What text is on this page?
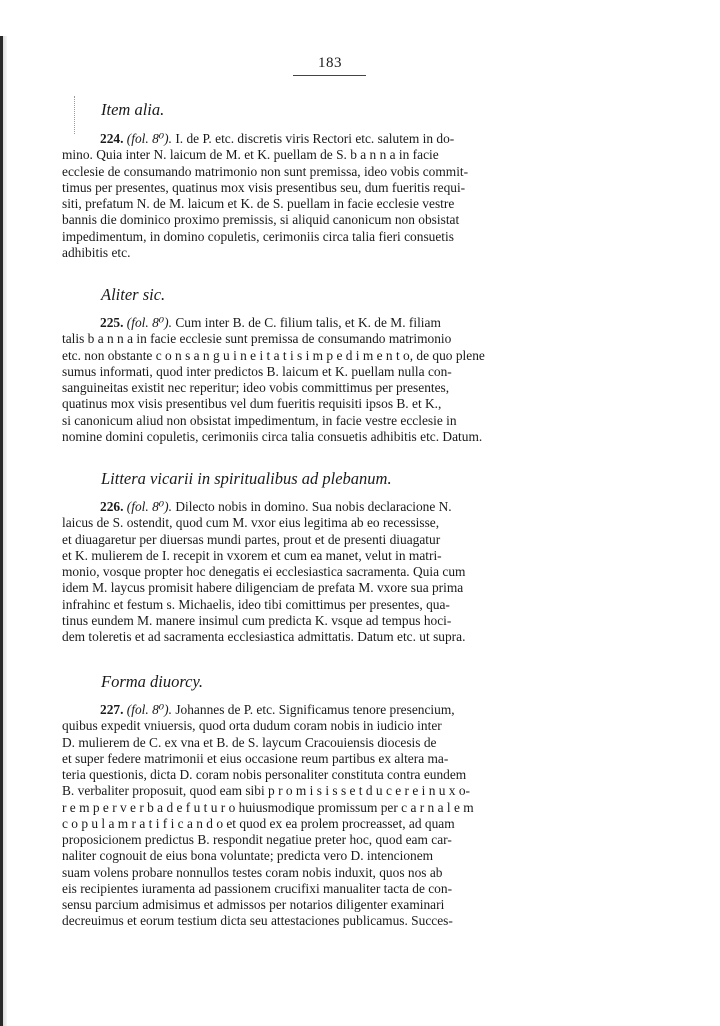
183
Item alia.
224. (fol. 8⁰). I. de P. etc. discretis viris Rectori etc. salutem in do-
mino. Quia inter N. laicum de M. et K. puellam de S. b a n n a in facie
ecclesie de consumando matrimonio non sunt premissa, ideo vobis commit-
timus per presentes, quatinus mox visis presentibus seu, dum fueritis requi-
siti, prefatum N. de M. laicum et K. de S. puellam in facie ecclesie vestre
bannis die dominico proximo premissis, si aliquid canonicum non obsistat
impedimentum, in domino copuletis, cerimoniis circa talia fieri consuetis
adhibitis etc.
Aliter sic.
225. (fol. 8⁰). Cum inter B. de C. filium talis, et K. de M. filiam
talis b a n n a in facie ecclesie sunt premissa de consumando matrimonio
etc. non obstante c o n s a n g u i n e i t a t i s i m p e d i m e n t o, de quo plene
sumus informati, quod inter predictos B. laicum et K. puellam nulla con-
sanguineitas existit nec reperitur; ideo vobis committimus per presentes,
quatinus mox visis presentibus vel dum fueritis requisiti ipsos B. et K.,
si canonicum aliud non obsistat impedimentum, in facie vestre ecclesie in
nomine domini copuletis, cerimoniis circa talia consuetis adhibitis etc. Datum.
Littera vicarii in spiritualibus ad plebanum.
226. (fol. 8⁰). Dilecto nobis in domino. Sua nobis declaracione N.
laicus de S. ostendit, quod cum M. vxor eius legitima ab eo recessisse,
et diuagaretur per diuersas mundi partes, prout et de presenti diuagatur
et K. mulierem de I. recepit in vxorem et cum ea manet, velut in matri-
monio, vosque propter hoc denegatis ei ecclesiastica sacramenta. Quia cum
idem M. laycus promisit habere diligenciam de prefata M. vxore sua prima
infrahinc et festum s. Michaelis, ideo tibi comittimus per presentes, qua-
tinus eundem M. manere insimul cum predicta K. vsque ad tempus hoci-
dem toleretis et ad sacramenta ecclesiastica admittatis. Datum etc. ut supra.
Forma diuorcy.
227. (fol. 8⁰). Johannes de P. etc. Significamus tenore presencium,
quibus expedit vniuersis, quod orta dudum coram nobis in iudicio inter
D. mulierem de C. ex vna et B. de S. laycum Cracouiensis diocesis de
et super federe matrimonii et eius occasione reum partibus ex altera ma-
teria questionis, dicta D. coram nobis personaliter constituta contra eundem
B. verbaliter proposuit, quod eam sibi p r o m i s i s s e t d u c e r e i n u x o-
r e m p e r v e r b a d e f u t u r o huiusmodique promissum per c a r n a l e m
c o p u l a m r a t i f i c a n d o et quod ex ea prolem procreasset, ad quam
proposicionem predictus B. respondit negatiue preter hoc, quod eam car-
naliter cognouit de eius bona voluntate; predicta vero D. intencionem
suam volens probare nonnullos testes coram nobis induxit, quos nos ab
eis recipientes iuramenta ad passionem crucifixi manualiter tacta de con-
sensu parcium admisimus et admissos per notarios diligenter examinari
decreuimus et eorum testium dicta seu attestaciones publicamus. Succes-
